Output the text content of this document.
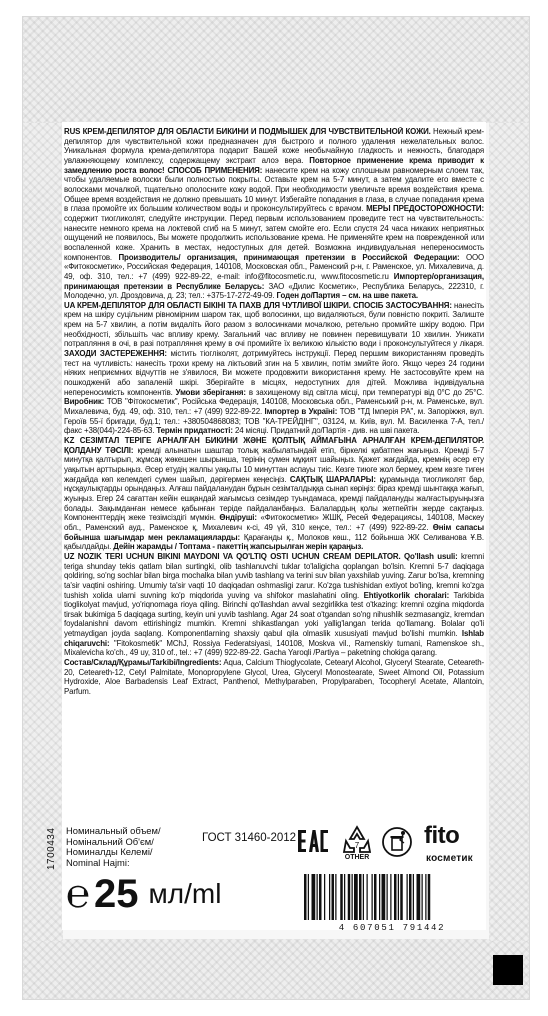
RUS КРЕМ-ДЕПИЛЯТОР ДЛЯ ОБЛАСТИ БИКИНИ И ПОДМЫШЕК ДЛЯ ЧУВСТВИТЕЛЬНОЙ КОЖИ. Нежный крем-депилятор для чувствительной кожи предназначен для быстрого и полного удаления нежелательных волос. Уникальная формула крема-депилятора подарит Вашей коже необычайную гладкость и нежность, благодаря увлажняющему комплексу, содержащему экстракт алоэ вера. Повторное применение крема приводит к замедлению роста волос! СПОСОБ ПРИМЕНЕНИЯ: нанесите крем на кожу сплошным равномерным слоем так, чтобы удаляемые волоски были полностью покрыты. Оставьте крем на 5-7 минут, а затем удалите его вместе с волосками мочалкой, тщательно ополосните кожу водой. При необходимости увеличьте время воздействия крема. Общее время воздействия не должно превышать 10 минут. Избегайте попадания в глаза, в случае попадания крема в глаза промойте их большим количеством воды и проконсультируйтесь с врачом. МЕРЫ ПРЕДОСТОРОЖНОСТИ: содержит тиогликолят, следуйте инструкции. Перед первым использованием проведите тест на чувствительность: нанесите немного крема на локтевой сгиб на 5 минут, затем смойте его. Если спустя 24 часа никаких неприятных ощущений не появилось, Вы можете продолжить использование крема. Не применяйте крем на поврежденной или воспаленной коже. Хранить в местах, недоступных для детей. Возможна индивидуальная непереносимость компонентов. Производитель/ организация, принимающая претензии в Российской Федерации: ООО «Фитокосметик», Российская Федерация, 140108, Московская обл., Раменский р-н, г. Раменское, ул. Михалевича, д. 49, оф. 310, тел.: +7 (499) 922-89-22, e-mail: info@fitocosmetic.ru, www.fitocosmetic.ru Импортер/организация, принимающая претензии в Республике Беларусь: ЗАО «Дилис Косметик», Республика Беларусь, 222310, г. Молодечно, ул. Дроздовича, д. 23; тел.: +375-17-272-49-09. Годен до/Партия – см. на шве пакета.

UA КРЕМ-ДЕПІЛЯТОР ДЛЯ ОБЛАСТІ БІКІНІ ТА ПАХВ ДЛЯ ЧУТЛИВОЇ ШКІРИ. СПОСІБ ЗАСТОСУВАННЯ: нанесіть крем на шкіру суцільним рівномірним шаром так, щоб волосинки, що видаляються, були повністю покриті. Залиште крем на 5-7 хвилин, а потім видаліть його разом з волосинками мочалкою, ретельно промийте шкіру водою. При необхідності, збільшіть час впливу крему. Загальний час впливу не повинен перевищувати 10 хвилин. Уникати потрапляння в очі, в разі потрапляння крему в очі промийте їх великою кількістю води і проконсультуйтеся у лікаря. ЗАХОДИ ЗАСТЕРЕЖЕННЯ: містить тіогліколят, дотримуйтесь інструкції. Перед першим використанням проведіть тест на чутливість: нанесіть трохи крему на ліктьовий згин на 5 хвилин, потім змийте його. Якщо через 24 години ніяких неприємних відчуттів не з'явилося, Ви можете продовжити використання крему. Не застосовуйте крем на пошкодженій або запаленій шкірі. Зберігайте в місцях, недоступних для дітей. Можлива індивідуальна непереносимість компонентів. Умови зберігання: в захищеному від світла місці, при температурі від 0°С до 25°С. Виробник: ТОВ "Фітокосметик", Російська Федерація, 140108, Московська обл., Раменський р-н, м. Раменське, вул. Михалевича, буд. 49, оф. 310, тел.: +7 (499) 922-89-22. Імпортер в Україні: ТОВ "ТД Імперія РА", м. Запоріжжя, вул. Героїв 55-ї бригади, буд.1; тел.: +380504868083; ТОВ "КА-ТРЕЙДІНГ", 03124, м. Київ, вул. М. Василенка 7-А, тел./факс +38(044)-224-85-63. Термін придатності: 24 місяці. Придатний до/Партія - див. на шві пакета.

KZ СЕЗІМТАЛ ТЕРІГЕ АРНАЛҒАН БИКИНИ ЖӘНЕ ҚОЛТЫҚ АЙМАҒЫНА АРНАЛҒАН КРЕМ-ДЕПИЛЯТОР. ҚОЛДАНУ ТӘСІЛІ: кремді алынатын шаштар толық жабылатындай етіп, біркелкі қабатпен жағыңыз. Кремді 5-7 минутқа қалтырып, жұмсақ жөкешен шырынша, терінің сумен мұқият шайыңыз. Қажет жағдайда, кремнің әсер ету уақытын арттырыңыз. Әсер етудің жалпы уақыты 10 минуттан аспауы тиіс. Көзге тиюге жол бермеу, крем көзге тиген жағдайда көп келемдегі сумен шайып, дәрігермен кеңесіңіз. САҚТЫҚ ШАРАЛАРЫ: құрамында тиогликолят бар, нұсқаулықтарды орындаңыз. Алғаш пайдаланудан бұрын сезімталдыққа сынап көріңіз: біраз кремді шынтаққа жағып, жуыңыз. Егер 24 сағаттан кейін ешқандай жағымсыз сезімдер туындамаса, кремді пайдалануды жалғастыруыңызға болады. Зақымданған немесе қабынған теріде пайдаланбаңыз. Балалардың қолы жетпейтін жерде сақтаңыз. Компоненттердің жеке төзімсіздігі мүмкін. Өндіруші: «Фитокосметик» ЖШҚ, Ресей Федерациясы, 140108, Мәскеу обл., Раменский ауд., Раменское қ, Михалевич к-сі, 49 үй, 310 кеңсе, тел.: +7 (499) 922-89-22. Өнім сапасы бойынша шағымдар мен рекламацияларды: Қарағанды қ., Молоков көш., 112 бойынша ЖК Селиванова Ұ.В. қабылдайды. Дейін жарамды / Топтама - пакеттің жапсырылған жерін қараңыз.

UZ NOZIK TERI UCHUN BIKINI MAYDONI VA QO'LTIQ OSTI UCHUN CREAM DEPILATOR. Qo'llash usuli: kremni teriga shunday tekis qatlam bilan surtingki, olib tashlanuvchi tuklar to'laligicha qoplangan bo'lsin. Kremni 5-7 daqiqaga qoldiring, so'ng sochlar bilan birga mochalka bilan yuvib tashlang va terini suv bilan yaxshilab yuving. Zarur bo'lsa, kremning ta'sir vaqtini oshiring. Umumiy ta'sir vaqti 10 daqiqadan oshmasligi zarur. Ko'zga tushishidan extiyot bo'ling, kremni ko'zga tushish xolida ularni suvning ko'p miqdorida yuving va shifokor maslahatini oling. Ehtiyotkorlik choralari: Tarkibida tioglikolyat mavjud, yo'riqnomaga rioya qiling. Birinchi qo'llashdan avval sezgirlikka test o'tkazing: kremni ozgina miqdorda tirsak bukimiga 5 daqiqaga surting, keyin uni yuvib tashlang. Agar 24 soat o'tgandan so'ng nihushlik sezmasangiz, kremdan foydalanishni davom ettirishingiz mumkin. Kremni shikastlangan yoki yallig'langan terida qo'llamang. Bolalar qo'li yetmaydigan joyda saqlang. Komponentlarning shaxsiy qabul qila olmaslik xususiyati mavjud bo'lishi mumkin. Ishlab chiqaruvchi: "Fitokosmetik" MChJ, Rossiya Federatsiyasi, 140108, Moskva vil., Ramenskiy tumani, Ramenskoe sh., Mixalevicha ko'ch., 49 uy, 310 of., tel.: +7 (499) 922-89-22. Gacha Yaroqli /Partiya – paketning chokiga qarang.

Состав/Склад/Құрамы/Tarkibi/Ingredients: Aqua, Calcium Thioglycolate, Cetearyl Alcohol, Glyceryl Stearate, Ceteareth-20, Ceteareth-12, Cetyl Palmitate, Monopropylene Glycol, Urea, Glyceryl Monostearate, Sweet Almond Oil, Potassium Hydroxide, Aloe Barbadensis Leaf Extract, Panthenol, Methylparaben, Propylparaben, Tocopheryl Acetate, Allantoin, Parfum.

1700434 Номинальный объем/
Номінальний Об'єм/
Номиналды Келемі/
Nominal Hajmi:
ГОСТ 31460-2012
℮ 25 мл/ml
7
OTHER
fito
косметик
4 607051 791442
